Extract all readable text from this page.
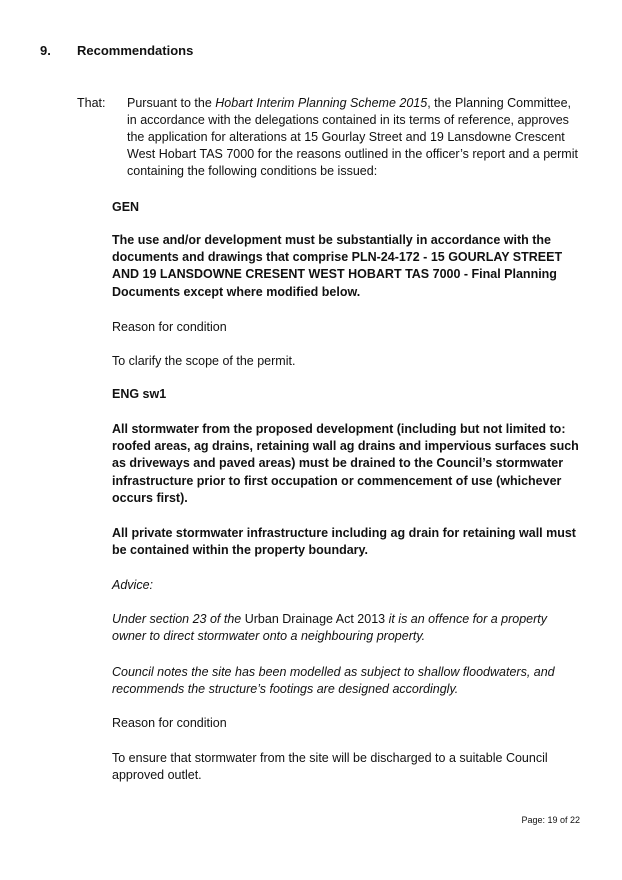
9. Recommendations
That: Pursuant to the Hobart Interim Planning Scheme 2015, the Planning Committee, in accordance with the delegations contained in its terms of reference, approves the application for alterations at 15 Gourlay Street and 19 Lansdowne Crescent West Hobart TAS 7000 for the reasons outlined in the officer’s report and a permit containing the following conditions be issued:
GEN
The use and/or development must be substantially in accordance with the documents and drawings that comprise PLN-24-172 - 15 GOURLAY STREET AND 19 LANSDOWNE CRESENT WEST HOBART TAS 7000 - Final Planning Documents except where modified below.
Reason for condition
To clarify the scope of the permit.
ENG sw1
All stormwater from the proposed development (including but not limited to: roofed areas, ag drains, retaining wall ag drains and impervious surfaces such as driveways and paved areas) must be drained to the Council’s stormwater infrastructure prior to first occupation or commencement of use (whichever occurs first).
All private stormwater infrastructure including ag drain for retaining wall must be contained within the property boundary.
Advice:
Under section 23 of the Urban Drainage Act 2013 it is an offence for a property owner to direct stormwater onto a neighbouring property.
Council notes the site has been modelled as subject to shallow floodwaters, and recommends the structure’s footings are designed accordingly.
Reason for condition
To ensure that stormwater from the site will be discharged to a suitable Council approved outlet.
Page: 19 of 22
